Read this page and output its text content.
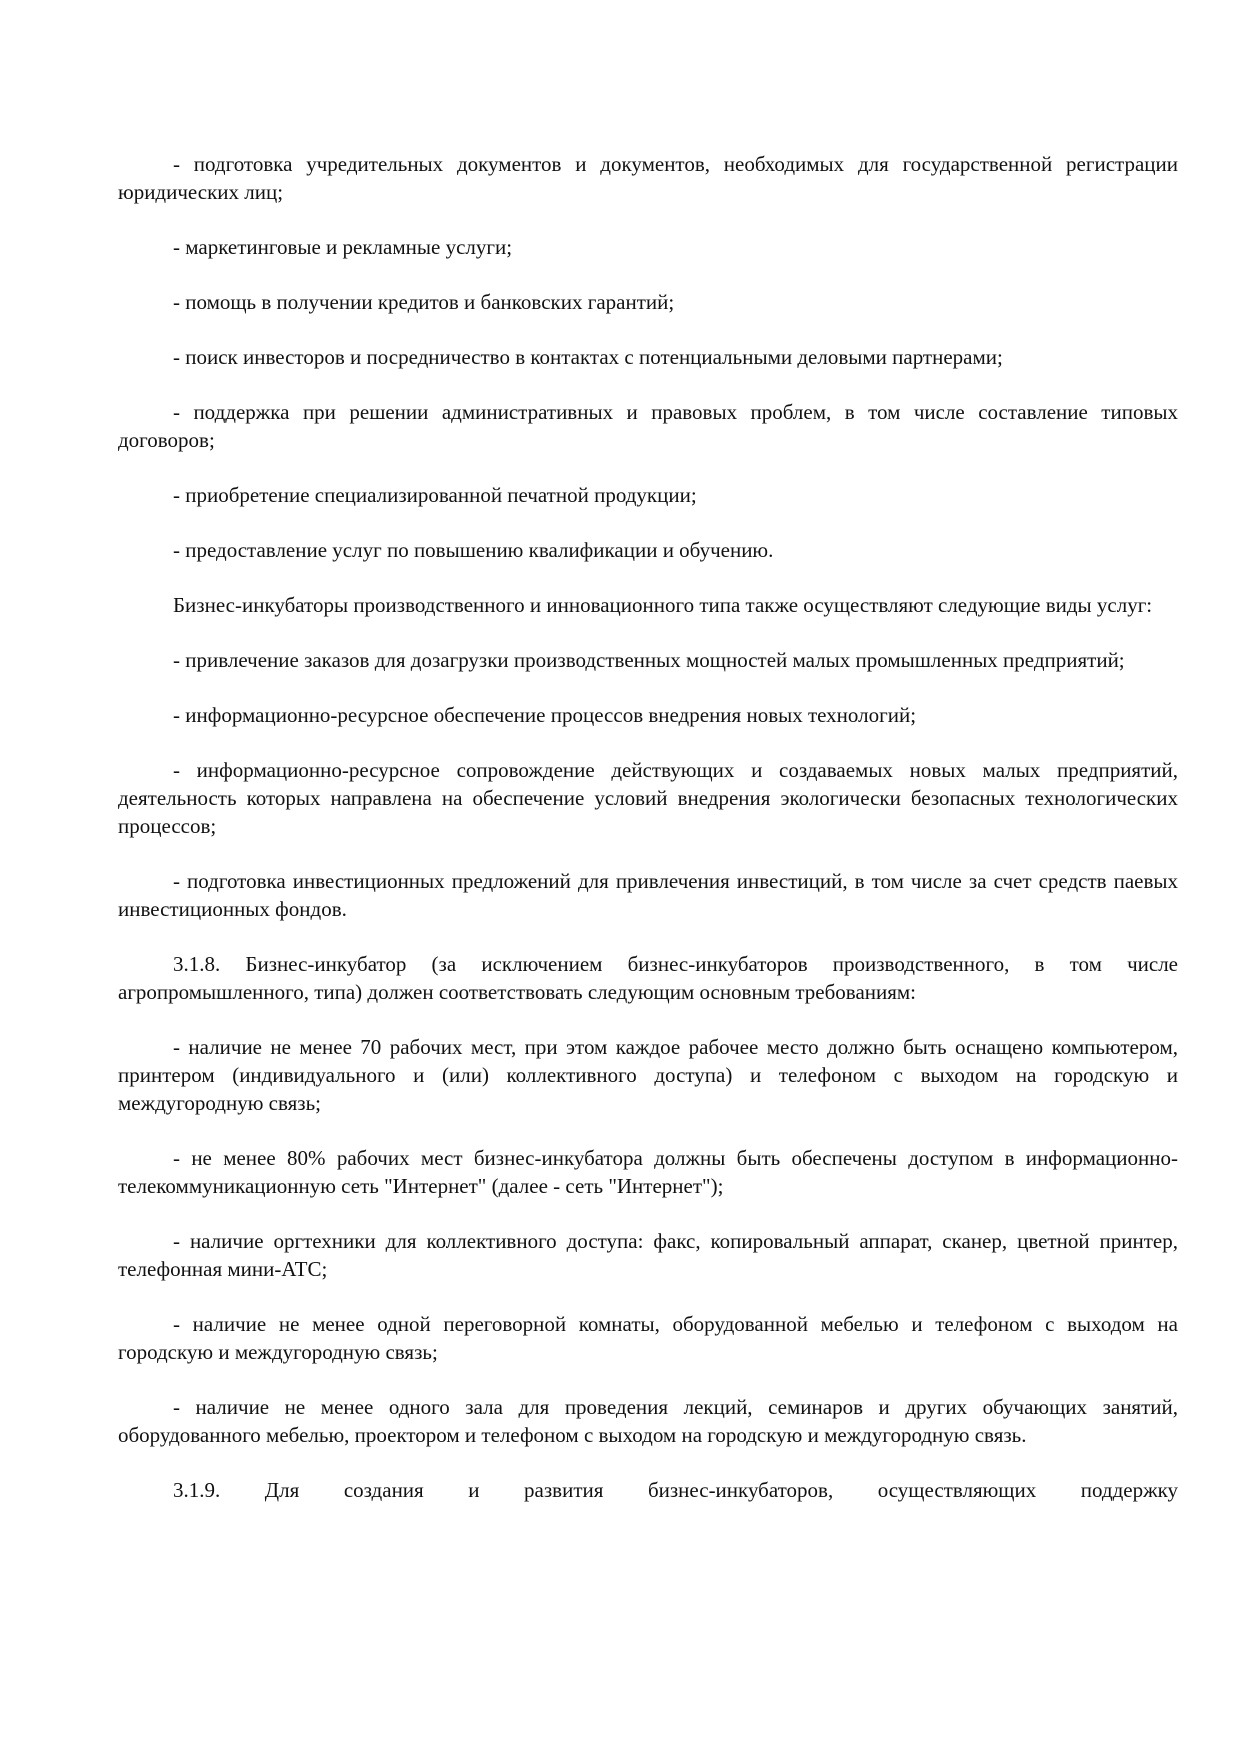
- подготовка учредительных документов и документов, необходимых для государственной регистрации юридических лиц;

- маркетинговые и рекламные услуги;

- помощь в получении кредитов и банковских гарантий;

- поиск инвесторов и посредничество в контактах с потенциальными деловыми партнерами;

- поддержка при решении административных и правовых проблем, в том числе составление типовых договоров;

- приобретение специализированной печатной продукции;

- предоставление услуг по повышению квалификации и обучению.

Бизнес-инкубаторы производственного и инновационного типа также осуществляют следующие виды услуг:

- привлечение заказов для дозагрузки производственных мощностей малых промышленных предприятий;

- информационно-ресурсное обеспечение процессов внедрения новых технологий;

- информационно-ресурсное сопровождение действующих и создаваемых новых малых предприятий, деятельность которых направлена на обеспечение условий внедрения экологически безопасных технологических процессов;

- подготовка инвестиционных предложений для привлечения инвестиций, в том числе за счет средств паевых инвестиционных фондов.

3.1.8. Бизнес-инкубатор (за исключением бизнес-инкубаторов производственного, в том числе агропромышленного, типа) должен соответствовать следующим основным требованиям:

- наличие не менее 70 рабочих мест, при этом каждое рабочее место должно быть оснащено компьютером, принтером (индивидуального и (или) коллективного доступа) и телефоном с выходом на городскую и междугородную связь;

- не менее 80% рабочих мест бизнес-инкубатора должны быть обеспечены доступом в информационно-телекоммуникационную сеть "Интернет" (далее - сеть "Интернет");

- наличие оргтехники для коллективного доступа: факс, копировальный аппарат, сканер, цветной принтер, телефонная мини-АТС;

- наличие не менее одной переговорной комнаты, оборудованной мебелью и телефоном с выходом на городскую и междугородную связь;

- наличие не менее одного зала для проведения лекций, семинаров и других обучающих занятий, оборудованного мебелью, проектором и телефоном с выходом на городскую и междугородную связь.

3.1.9. Для создания и развития бизнес-инкубаторов, осуществляющих поддержку
